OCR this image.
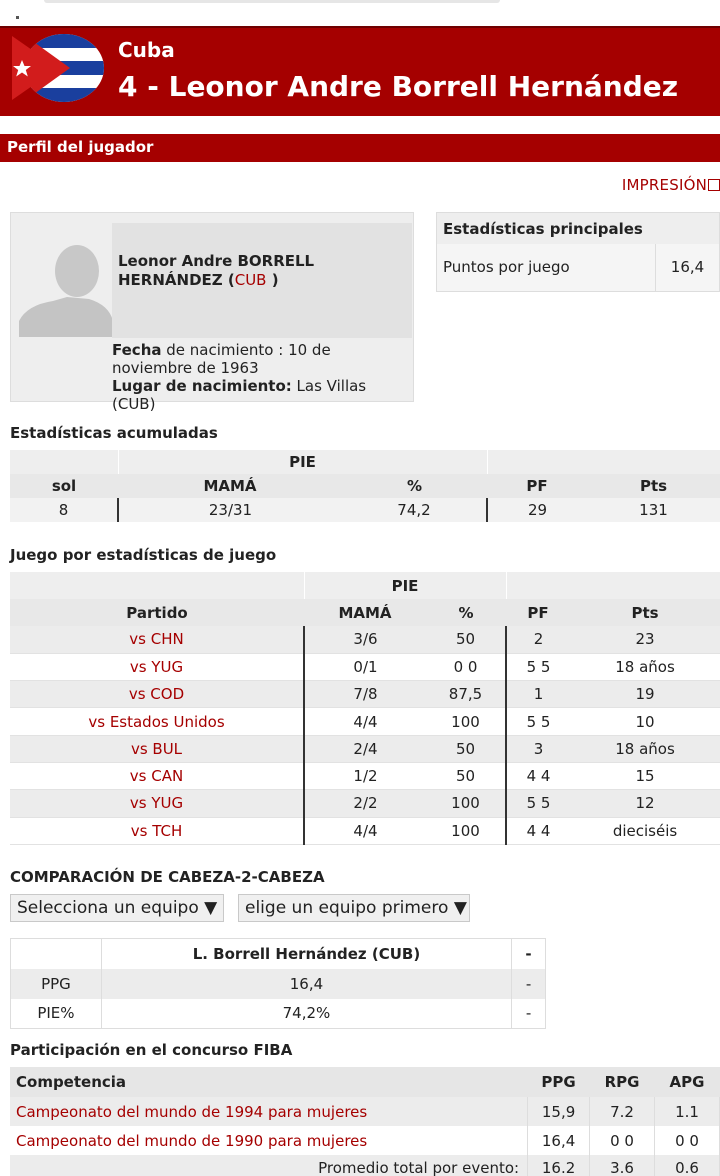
Cuba
4 - Leonor Andre Borrell Hernández
Perfil del jugador
IMPRESIÓN
Leonor Andre BORRELL HERNÁNDEZ (CUB )
Fecha de nacimiento : 10 de noviembre de 1963
Lugar de nacimiento: Las Villas (CUB)
Estadísticas principales
Puntos por juego	16,4
Estadísticas acumuladas
	PIE			
sol	MAMÁ	%	PF	Pts
8	23/31	74,2	29	131
Juego por estadísticas de juego
	PIE			
Partido	MAMÁ	%	PF	Pts
vs CHN	3/6	50	2	23
vs YUG	0/1	0 0	5 5	18 años
vs COD	7/8	87,5	1	19
vs Estados Unidos	4/4	100	5 5	10
vs BUL	2/4	50	3	18 años
vs CAN	1/2	50	4 4	15
vs YUG	2/2	100	5 5	12
vs TCH	4/4	100	4 4	dieciséis
COMPARACIÓN DE CABEZA-2-CABEZA
Selecciona un equipo ▼	elige un equipo primero ▼
	L. Borrell Hernández (CUB)	-
PPG	16,4	-
PIE%	74,2%	-
Participación en el concurso FIBA
Competencia	PPG	RPG	APG
Campeonato del mundo de 1994 para mujeres	15,9	7.2	1.1
Campeonato del mundo de 1990 para mujeres	16,4	0 0	0 0
Promedio total por evento:	16.2	3.6	0.6
